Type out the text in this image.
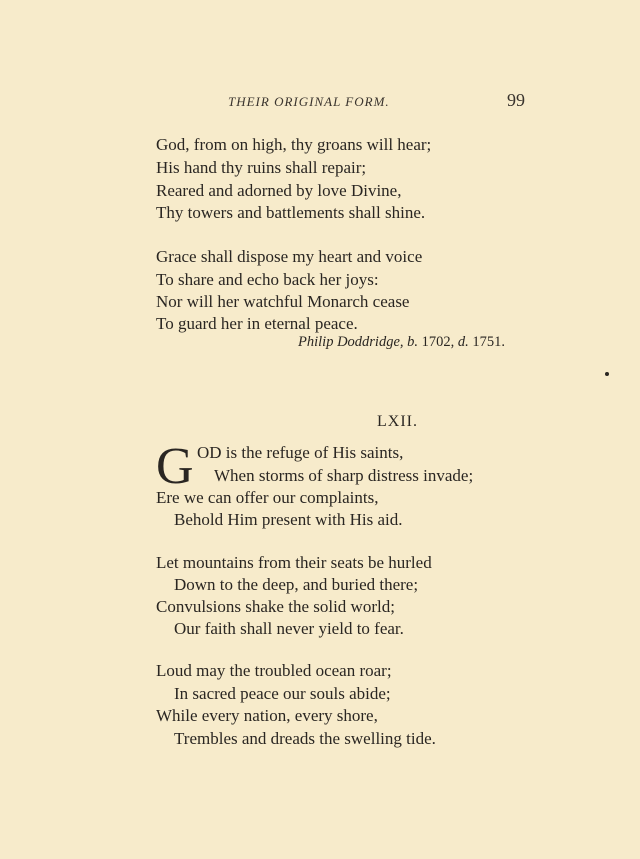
THEIR ORIGINAL FORM.	99
God, from on high, thy groans will hear;
His hand thy ruins shall repair;
Reared and adorned by love Divine,
Thy towers and battlements shall shine.
Grace shall dispose my heart and voice
To share and echo back her joys:
Nor will her watchful Monarch cease
To guard her in eternal peace.
Philip Doddridge, b. 1702, d. 1751.
LXII.
G OD is the refuge of His saints,
When storms of sharp distress invade;
Ere we can offer our complaints,
Behold Him present with His aid.
Let mountains from their seats be hurled
Down to the deep, and buried there;
Convulsions shake the solid world;
Our faith shall never yield to fear.
Loud may the troubled ocean roar;
In sacred peace our souls abide;
While every nation, every shore,
Trembles and dreads the swelling tide.
